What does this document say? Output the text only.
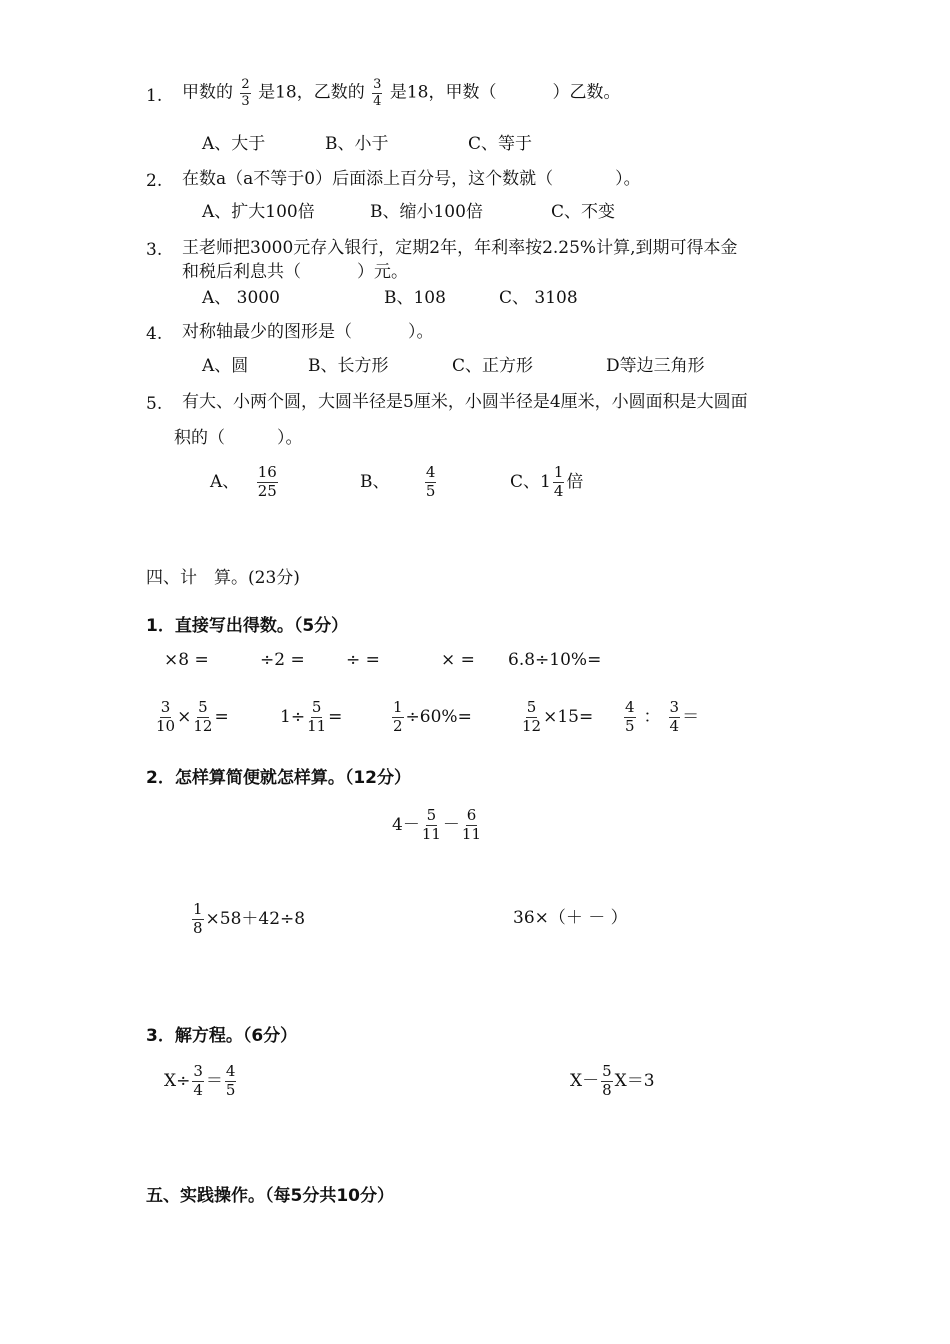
1. 甲数的 $\frac{2}{3}$ 是18，乙数的 $\frac{3}{4}$ 是18，甲数（	）乙数。
A、大于	B、小于	C、等于
2. 在数a（a不等于0）后面添上百分号，这个数就（	）。
A、扩大100倍	B、缩小100倍	C、不变
3. 王老师把3000元存入银行，定期2年，年利率按2.25%计算,到期可得本金
和税后利息共（	）元。
A、 3000	B、108	C、 3108
4. 对称轴最少的图形是（	）。
A、圆	B、长方形	C、正方形	D等边三角形
5. 有大、小两个圆，大圆半径是5厘米，小圆半径是4厘米，小圆面积是大圆面
积的（	）。
A、 $\frac{16}{25}$	B、 $\frac{4}{5}$	C、$1 \frac{1}{4}$ 倍
四、计　算。(23分)
1．直接写出得数。（5分）
×8 =	÷2 = ÷ =	× = 6.8÷10%=
$\frac{3}{10} \times \frac{5}{12}$ =	$1\div \frac{5}{11}$ =	$\frac{1}{2} \div 60\%=$	$\frac{5}{12} \times 15= \frac{4}{5}$ ： $\frac{3}{4}$ ＝
2．怎样算简便就怎样算。（12分）
$4- \frac{5}{11} - \frac{6}{11}$
$\frac{1}{8} \times 58+42\div 8$	36×（＋ － ）
3．解方程。（6分）
$X\div \frac{3}{4} = \frac{4}{5}$	$X- \frac{5}{8} X=3$
五、实践操作。（每5分共10分）
